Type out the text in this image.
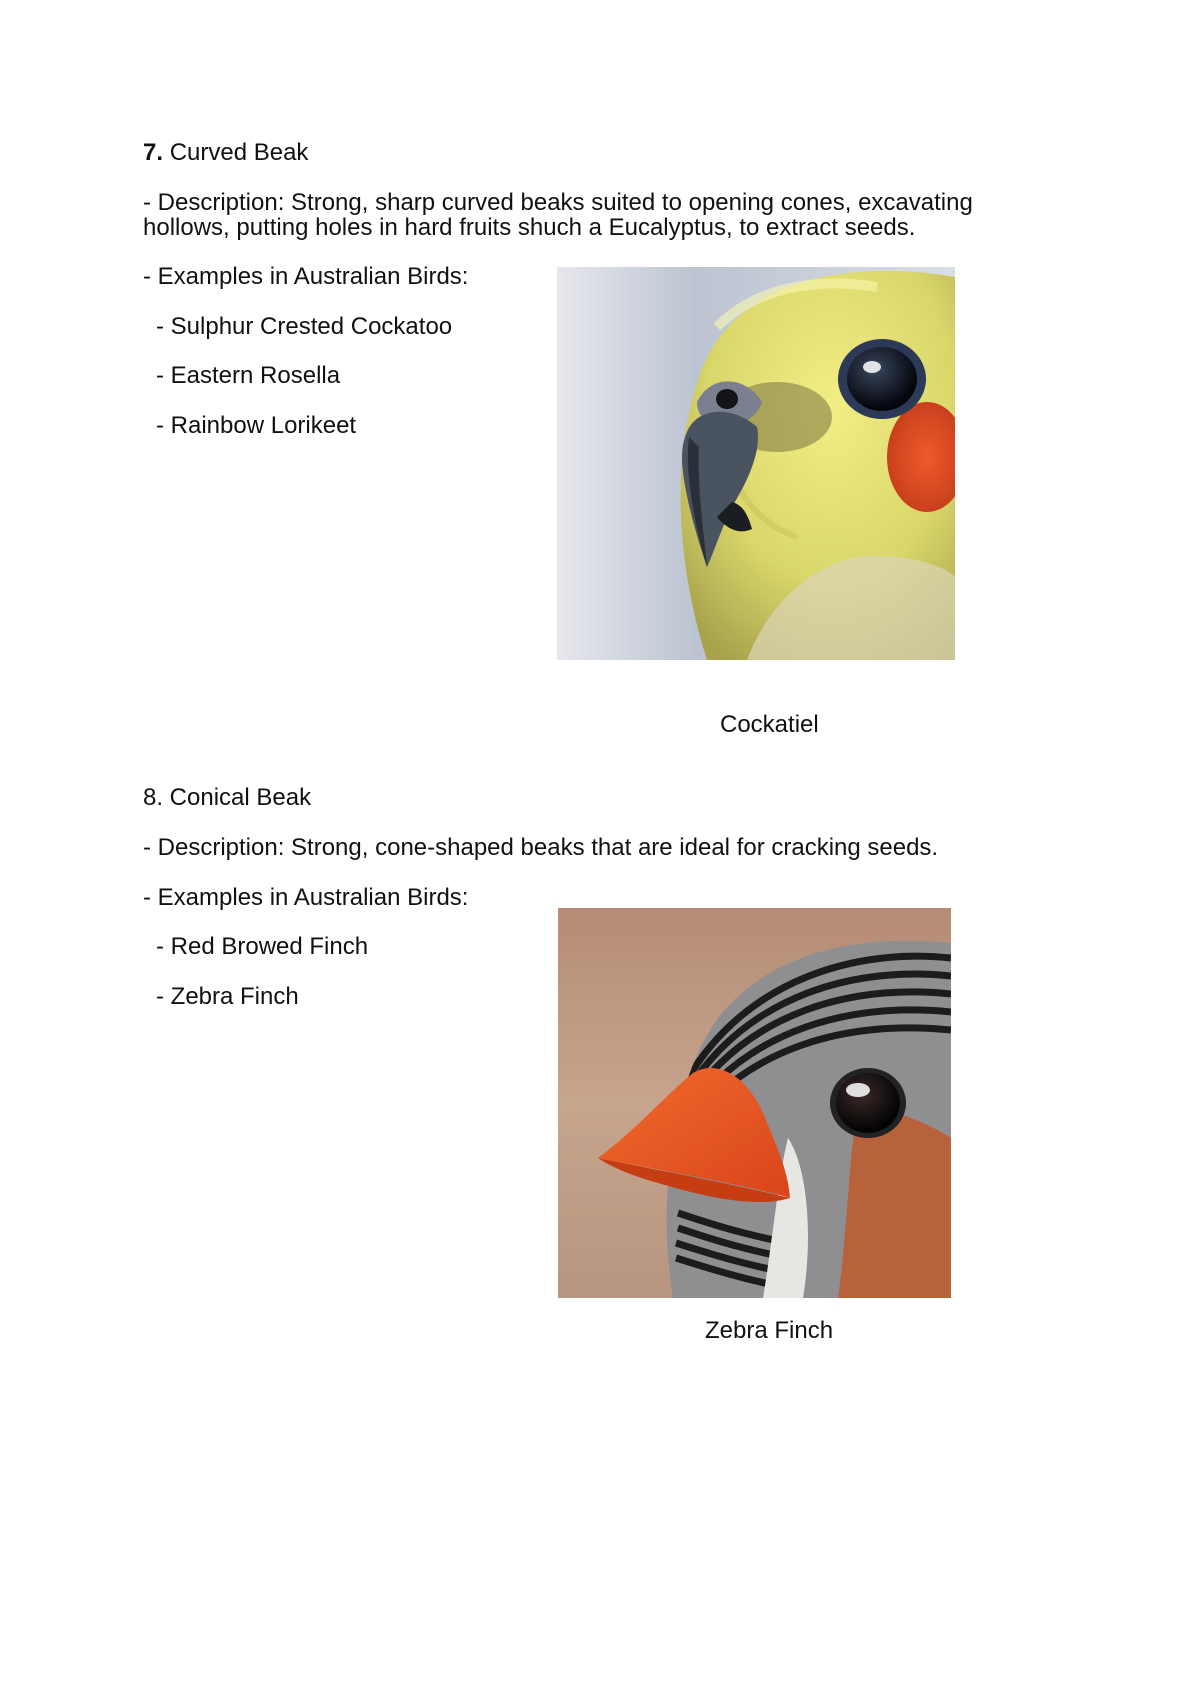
7. Curved Beak
- Description: Strong, sharp curved beaks suited to opening cones, excavating
hollows, putting holes in hard fruits shuch a Eucalyptus, to extract seeds.
- Examples in Australian Birds:
- Sulphur Crested Cockatoo
- Eastern Rosella
- Rainbow Lorikeet
Cockatiel
8. Conical Beak
- Description: Strong, cone-shaped beaks that are ideal for cracking seeds.
- Examples in Australian Birds:
- Red Browed Finch
- Zebra Finch
Zebra Finch
